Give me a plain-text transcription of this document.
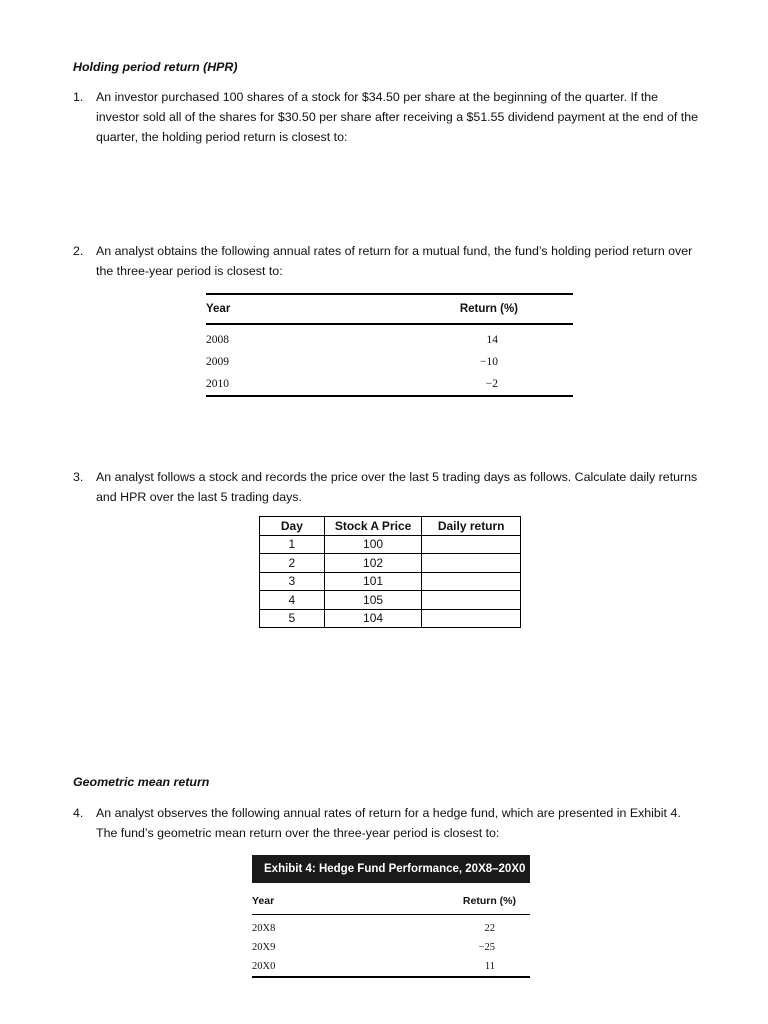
Holding period return (HPR)
1. An investor purchased 100 shares of a stock for $34.50 per share at the beginning of the quarter. If the investor sold all of the shares for $30.50 per share after receiving a $51.55 dividend payment at the end of the quarter, the holding period return is closest to:
2. An analyst obtains the following annual rates of return for a mutual fund, the fund’s holding period return over the three-year period is closest to:
Year	Return (%)
2008	14
2009	−10
2010	−2
3. An analyst follows a stock and records the price over the last 5 trading days as follows. Calculate daily returns and HPR over the last 5 trading days.
Day	Stock A Price	Daily return
1	100	
2	102	
3	101	
4	105	
5	104	
Geometric mean return
4. An analyst observes the following annual rates of return for a hedge fund, which are presented in Exhibit 4. The fund’s geometric mean return over the three-year period is closest to:
Exhibit 4: Hedge Fund Performance, 20X8–20X0
Year	Return (%)
20X8	22
20X9	−25
20X0	11
